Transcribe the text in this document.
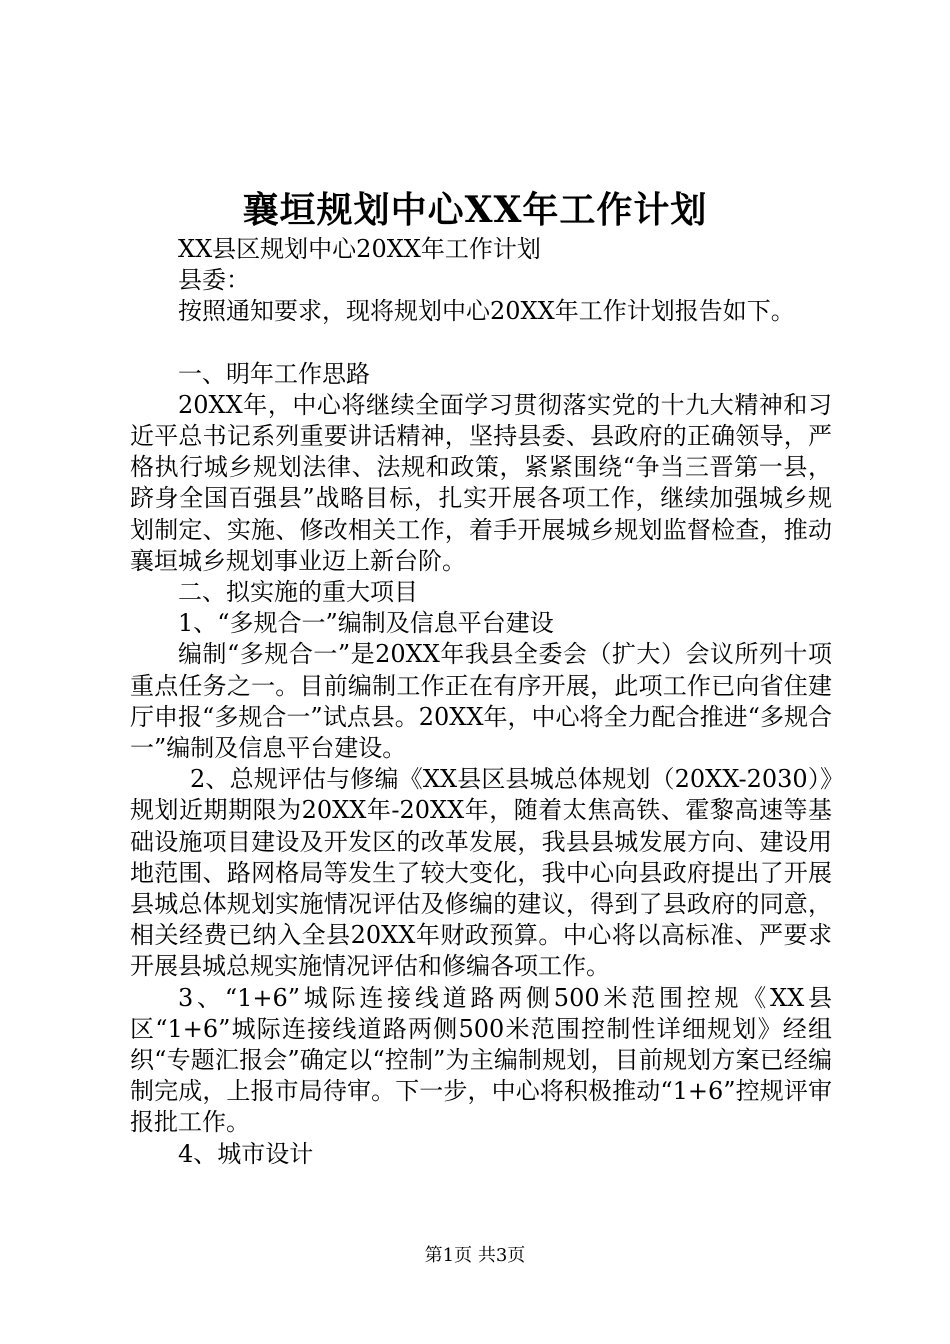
襄垣规划中心XX年工作计划

XX县区规划中心20XX年工作计划

县委：

按照通知要求，现将规划中心20XX年工作计划报告如下。

一、明年工作思路

20XX年，中心将继续全面学习贯彻落实党的十九大精神和习近平总书记系列重要讲话精神，坚持县委、县政府的正确领导，严格执行城乡规划法律、法规和政策，紧紧围绕“争当三晋第一县，跻身全国百强县”战略目标，扎实开展各项工作，继续加强城乡规划制定、实施、修改相关工作，着手开展城乡规划监督检查，推动襄垣城乡规划事业迈上新台阶。

二、拟实施的重大项目

1、“多规合一”编制及信息平台建设

编制“多规合一”是20XX年我县全委会（扩大）会议所列十项重点任务之一。目前编制工作正在有序开展，此项工作已向省住建厅申报“多规合一”试点县。20XX年，中心将全力配合推进“多规合一”编制及信息平台建设。

2、总规评估与修编《XX县区县城总体规划（20XX-2030）》规划近期期限为20XX年-20XX年，随着太焦高铁、霍黎高速等基础设施项目建设及开发区的改革发展，我县县城发展方向、建设用地范围、路网格局等发生了较大变化，我中心向县政府提出了开展县城总体规划实施情况评估及修编的建议，得到了县政府的同意，相关经费已纳入全县20XX年财政预算。中心将以高标准、严要求开展县城总规实施情况评估和修编各项工作。

3、“1+6”城际连接线道路两侧500米范围控规《XX县区“1+6”城际连接线道路两侧500米范围控制性详细规划》经组织“专题汇报会”确定以“控制”为主编制规划，目前规划方案已经编制完成，上报市局待审。下一步，中心将积极推动“1+6”控规评审报批工作。

4、城市设计

第1页 共3页
